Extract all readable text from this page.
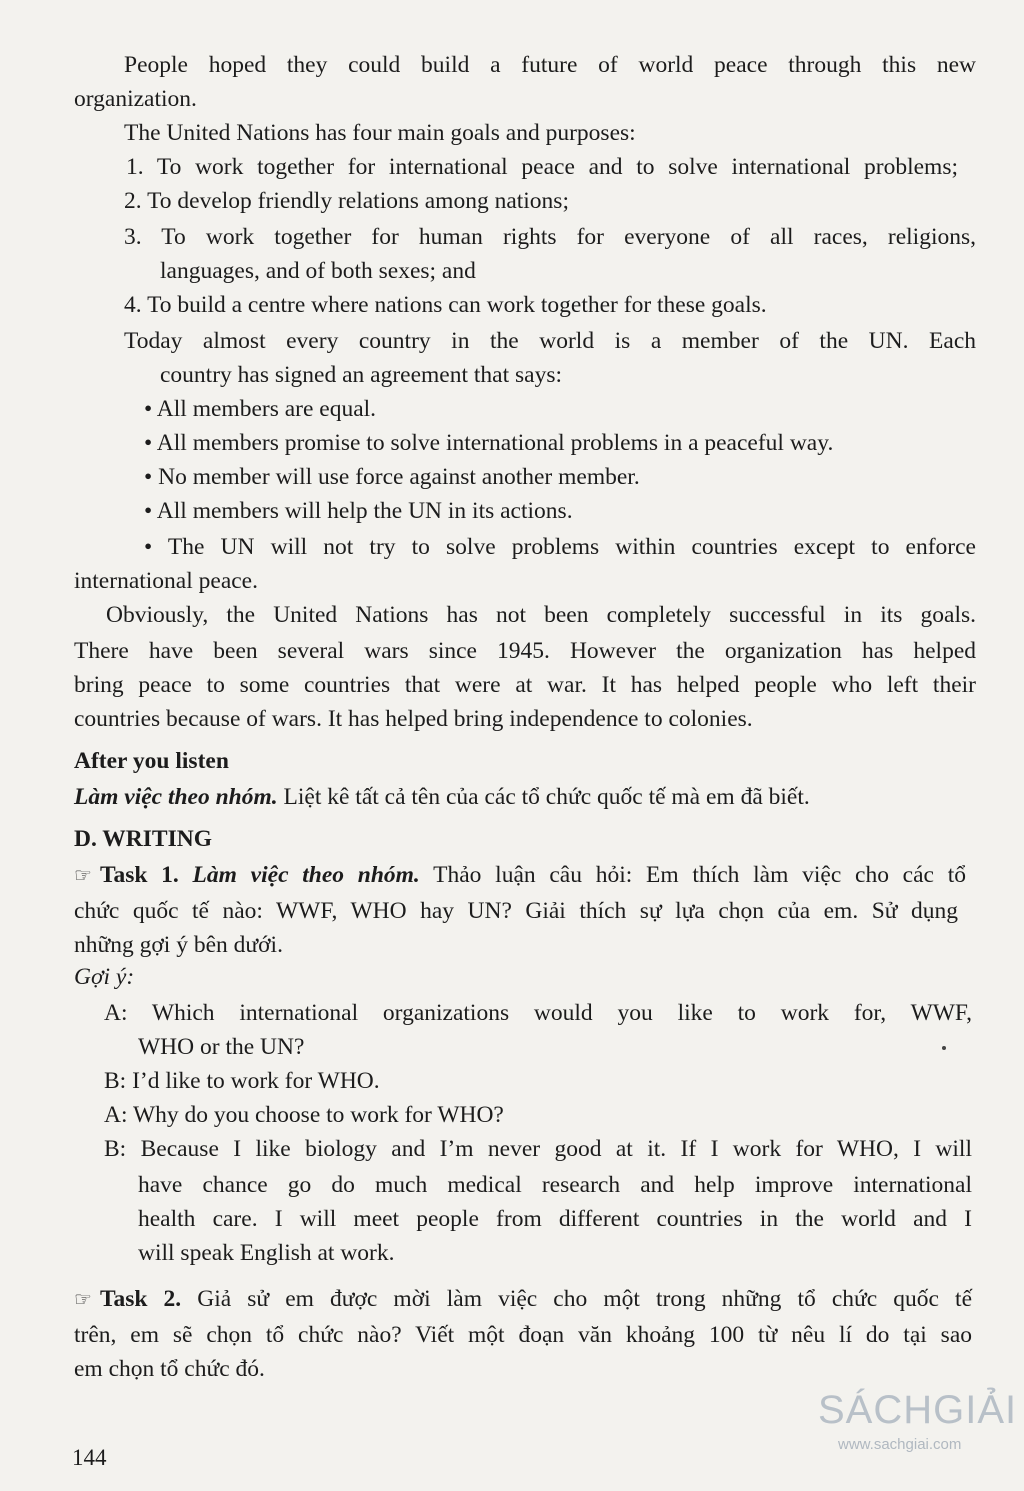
People hoped they could build a future of world peace through this new
organization.
The United Nations has four main goals and purposes:
1. To work together for international peace and to solve international problems;
2. To develop friendly relations among nations;
3. To work together for human rights for everyone of all races, religions,
languages, and of both sexes; and
4. To build a centre where nations can work together for these goals.
Today almost every country in the world is a member of the UN. Each
country has signed an agreement that says:
• All members are equal.
• All members promise to solve international problems in a peaceful way.
• No member will use force against another member.
• All members will help the UN in its actions.
• The UN will not try to solve problems within countries except to enforce
international peace.
Obviously, the United Nations has not been completely successful in its goals.
There have been several wars since 1945. However the organization has helped
bring peace to some countries that were at war. It has helped people who left their
countries because of wars. It has helped bring independence to colonies.
After you listen
Làm việc theo nhóm. Liệt kê tất cả tên của các tổ chức quốc tế mà em đã biết.
D. WRITING
☞ Task 1. Làm việc theo nhóm. Thảo luận câu hỏi: Em thích làm việc cho các tổ
chức quốc tế nào: WWF, WHO hay UN? Giải thích sự lựa chọn của em. Sử dụng
những gợi ý bên dưới.
Gợi ý:
A: Which international organizations would you like to work for, WWF,
WHO or the UN?
B: I’d like to work for WHO.
A: Why do you choose to work for WHO?
B: Because I like biology and I’m never good at it. If I work for WHO, I will
have chance go do much medical research and help improve international
health care. I will meet people from different countries in the world and I
will speak English at work.
☞ Task 2. Giả sử em được mời làm việc cho một trong những tổ chức quốc tế
trên, em sẽ chọn tổ chức nào? Viết một đoạn văn khoảng 100 từ nêu lí do tại sao
em chọn tổ chức đó.
144
SÁCHGIẢI
www.sachgiai.com
